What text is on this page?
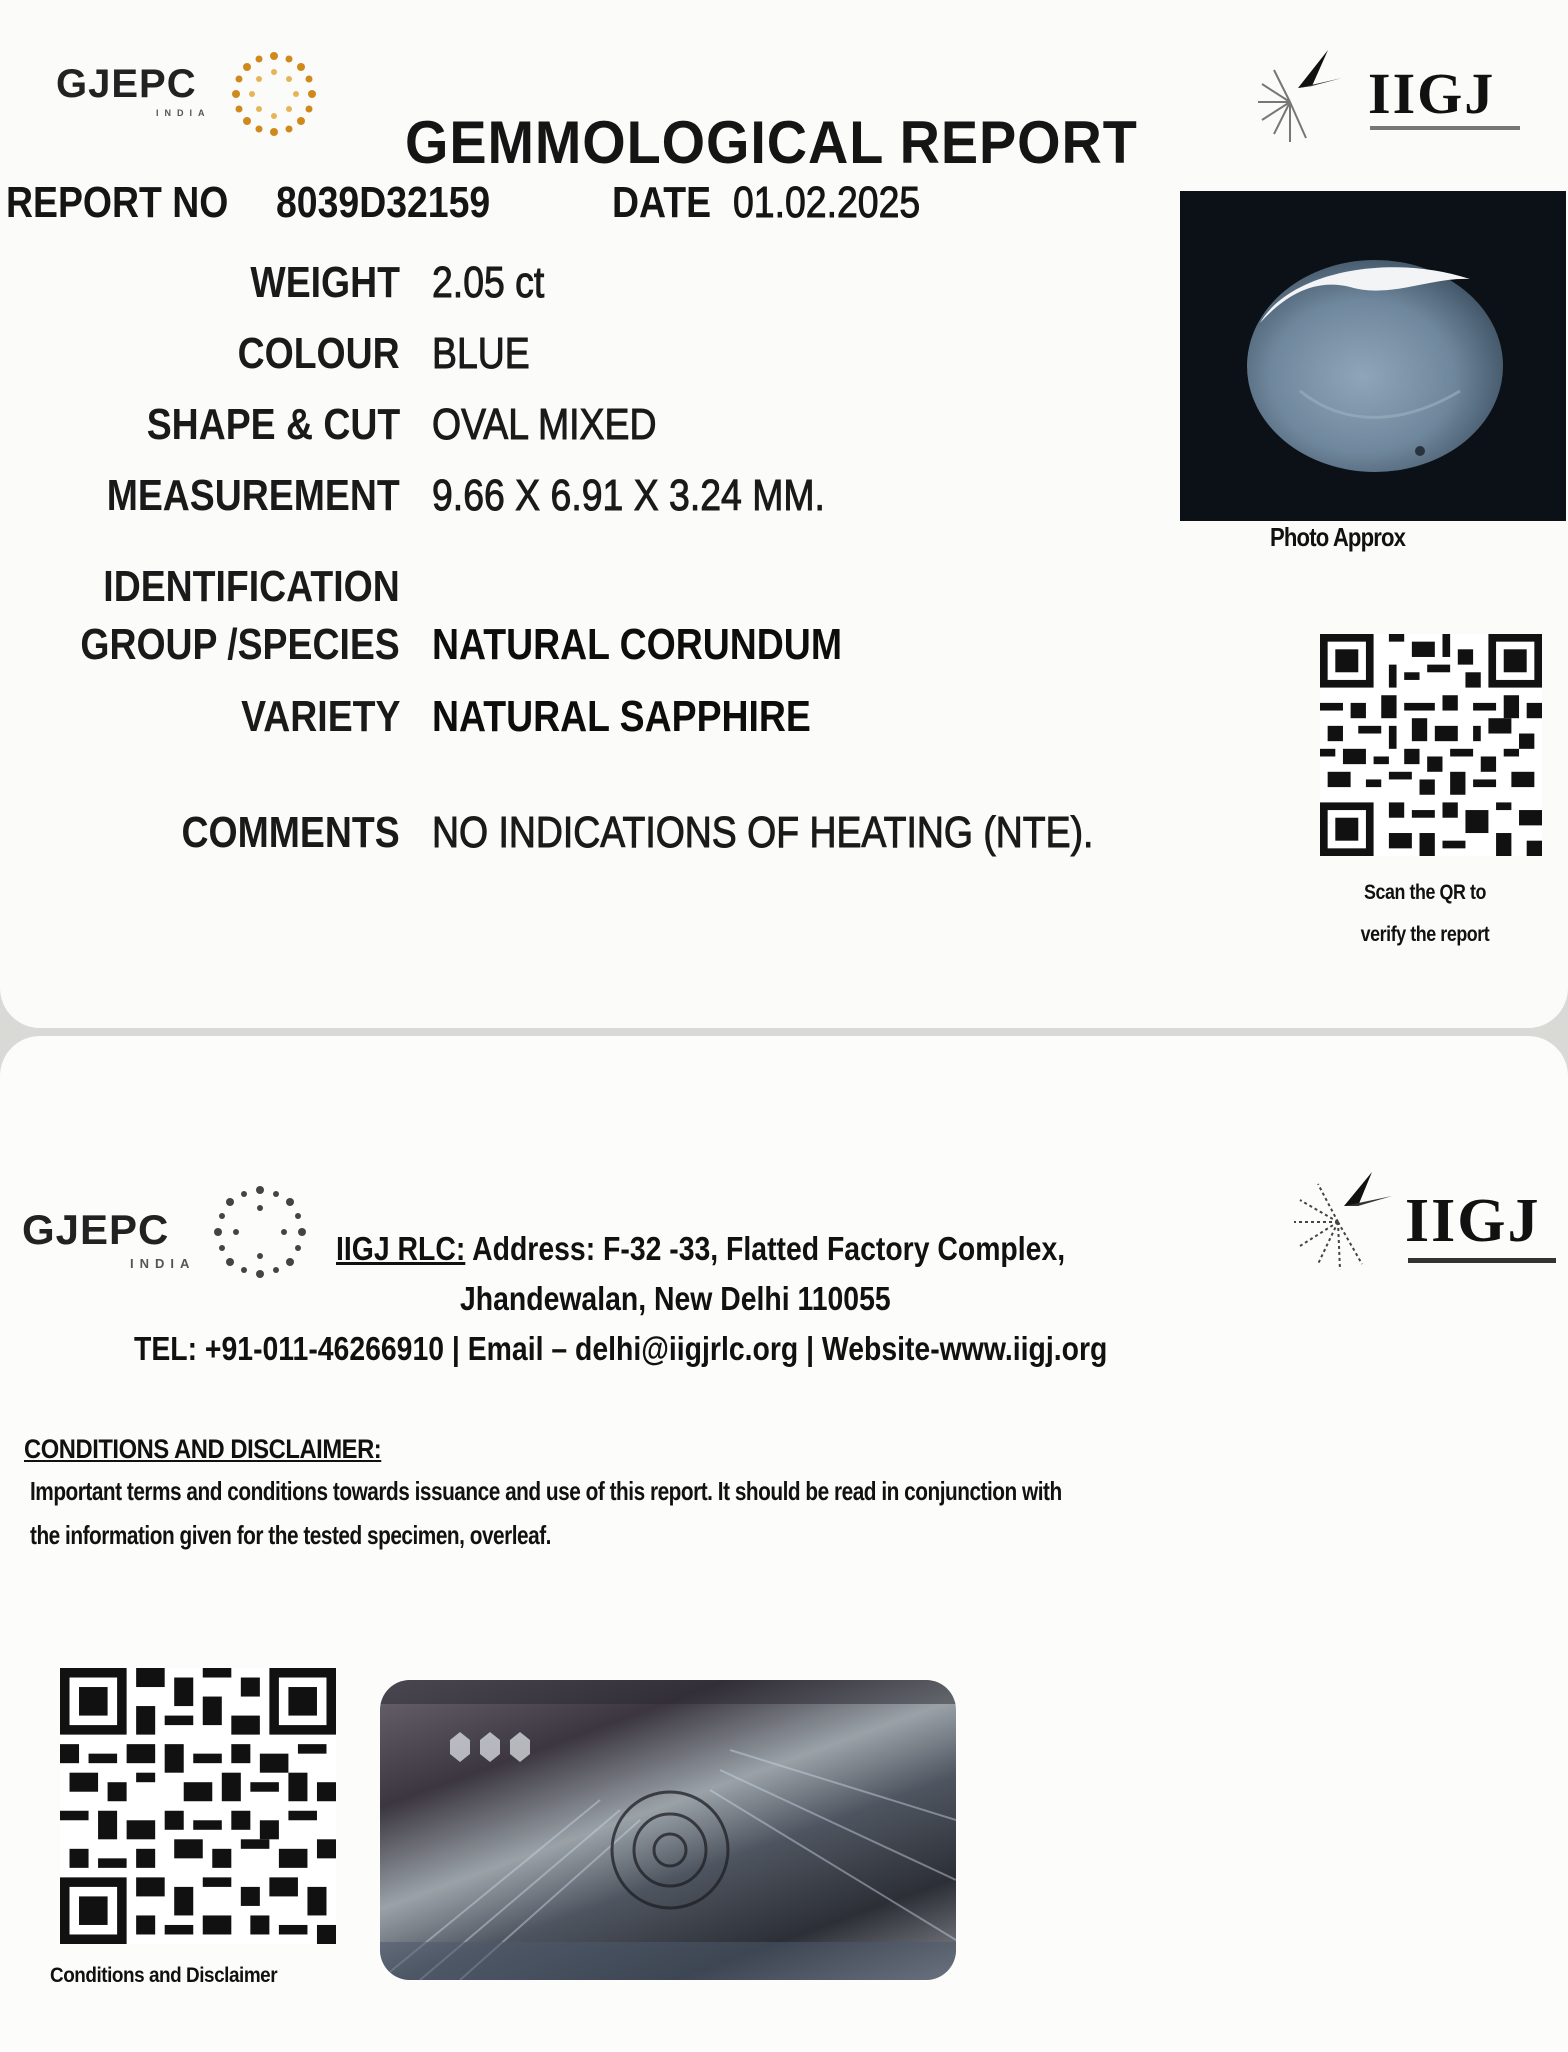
GJEPC
INDIA	IIGJ
GEMMOLOGICAL REPORT
REPORT NO 8039D32159	DATE 01.02.2025
WEIGHT 2.05 ct
COLOUR BLUE
SHAPE & CUT OVAL MIXED
MEASUREMENT 9.66 X 6.91 X 3.24 MM.
IDENTIFICATION
GROUP /SPECIES NATURAL CORUNDUM
VARIETY NATURAL SAPPHIRE
COMMENTS NO INDICATIONS OF HEATING (NTE).
Photo Approx
Scan the QR to
verify the report
GJEPC
INDIA
IIGJ
IIGJ RLC: Address: F-32 -33, Flatted Factory Complex,
Jhandewalan, New Delhi 110055
TEL: +91-011-46266910 | Email – delhi@iigjrlc.org | Website-www.iigj.org
CONDITIONS AND DISCLAIMER:
Important terms and conditions towards issuance and use of this report. It should be read in conjunction with
the information given for the tested specimen, overleaf.
Conditions and Disclaimer
